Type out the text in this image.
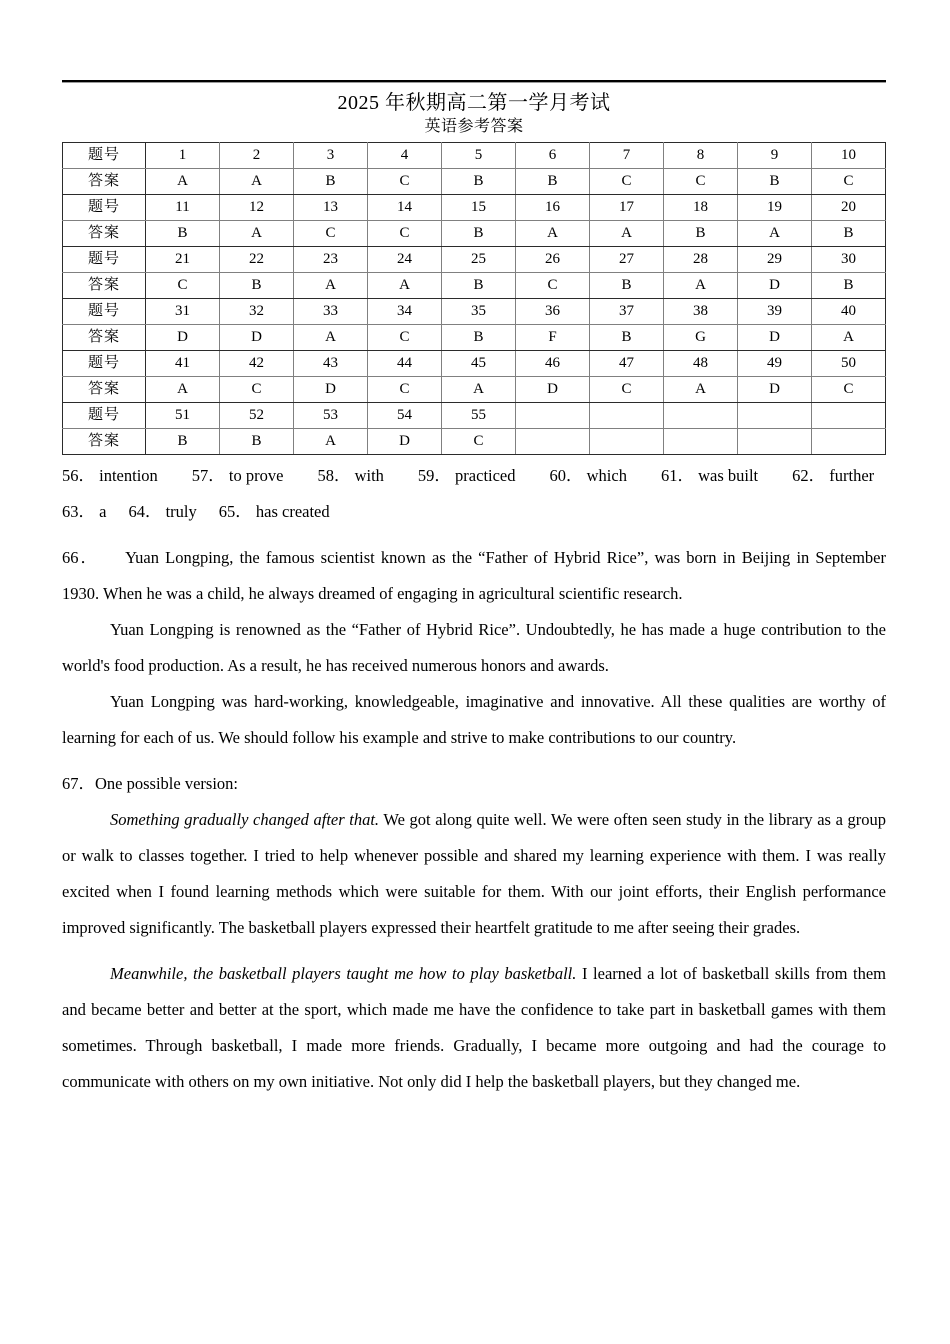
2025 年秋期高二第一学月考试
英语参考答案
题号	1	2	3	4	5	6	7	8	9	10
答案	A	A	B	C	B	B	C	C	B	C
题号	11	12	13	14	15	16	17	18	19	20
答案	B	A	C	C	B	A	A	B	A	B
题号	21	22	23	24	25	26	27	28	29	30
答案	C	B	A	A	B	C	B	A	D	B
题号	31	32	33	34	35	36	37	38	39	40
答案	D	D	A	C	B	F	B	G	D	A
题号	41	42	43	44	45	46	47	48	49	50
答案	A	C	D	C	A	D	C	A	D	C
题号	51	52	53	54	55					
答案	B	B	A	D	C					
56． intention 57． to prove 58． with 59． practiced 60． which 61． was built 62． further
63． a 64． truly 65． has created
66． Yuan Longping, the famous scientist known as the “Father of Hybrid Rice”, was born in Beijing in September 1930. When he was a child, he always dreamed of engaging in agricultural scientific research.
Yuan Longping is renowned as the “Father of Hybrid Rice”. Undoubtedly, he has made a huge contribution to the world's food production. As a result, he has received numerous honors and awards.
Yuan Longping was hard-working, knowledgeable, imaginative and innovative. All these qualities are worthy of learning for each of us. We should follow his example and strive to make contributions to our country.
67．One possible version:
Something gradually changed after that. We got along quite well. We were often seen study in the library as a group or walk to classes together. I tried to help whenever possible and shared my learning experience with them. I was really excited when I found learning methods which were suitable for them. With our joint efforts, their English performance improved significantly. The basketball players expressed their heartfelt gratitude to me after seeing their grades.
Meanwhile, the basketball players taught me how to play basketball. I learned a lot of basketball skills from them and became better and better at the sport, which made me have the confidence to take part in basketball games with them sometimes. Through basketball, I made more friends. Gradually, I became more outgoing and had the courage to communicate with others on my own initiative. Not only did I help the basketball players, but they changed me.
